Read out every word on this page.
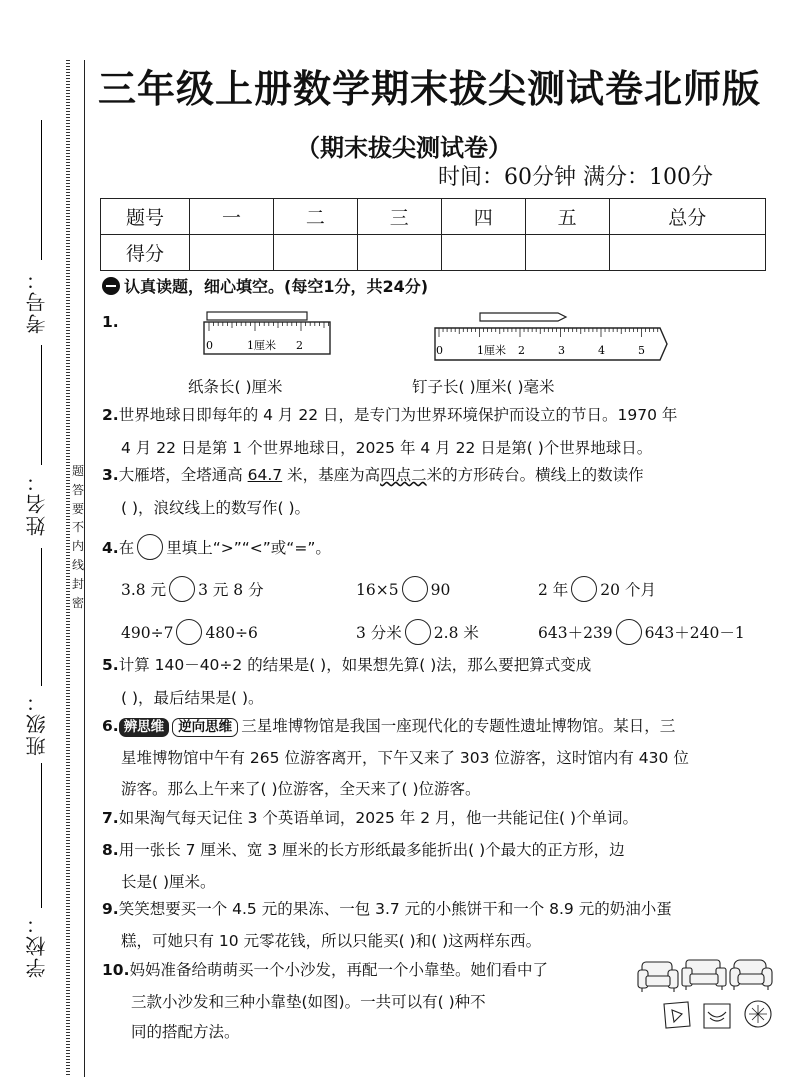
考号：
姓名：
班级：
学校：
题
答
要
不
内
线
封
密
三年级上册数学期末拔尖测试卷北师版
（期末拔尖测试卷）
时间：60分钟 满分：100分
题号	一	二	三	四	五	总分
得分						
认真读题，细心填空。(每空1分，共24分)
1.
0	1厘米 2	0	1厘米 2	3	4	5
纸条长( )厘米	钉子长( )厘米( )毫米
2.世界地球日即每年的 4 月 22 日，是专门为世界环境保护而设立的节日。1970 年
4 月 22 日是第 1 个世界地球日，2025 年 4 月 22 日是第( )个世界地球日。
3.大雁塔，全塔通高 64.7 米，基座为高四点二米的方形砖台。横线上的数读作
( )，浪纹线上的数写作( )。
4.在 里填上“>”“<”或“=”。
3.8 元 3 元 8 分	16×5 90	2 年 20 个月
490÷7 480÷6	3 分米 2.8 米	643＋239 643＋240－1
5.计算 140－40÷2 的结果是( )，如果想先算( )法，那么要把算式变成
( )，最后结果是( )。
6. 辨思维 逆向思维 三星堆博物馆是我国一座现代化的专题性遗址博物馆。某日，三
星堆博物馆中午有 265 位游客离开，下午又来了 303 位游客，这时馆内有 430 位
游客。那么上午来了( )位游客，全天来了( )位游客。
7.如果淘气每天记住 3 个英语单词，2025 年 2 月，他一共能记住( )个单词。
8.用一张长 7 厘米、宽 3 厘米的长方形纸最多能折出( )个最大的正方形，边
长是( )厘米。
9.笑笑想要买一个 4.5 元的果冻、一包 3.7 元的小熊饼干和一个 8.9 元的奶油小蛋
糕，可她只有 10 元零花钱，所以只能买( )和( )这两样东西。
10.妈妈准备给萌萌买一个小沙发，再配一个小靠垫。她们看中了
三款小沙发和三种小靠垫(如图)。一共可以有( )种不
同的搭配方法。
